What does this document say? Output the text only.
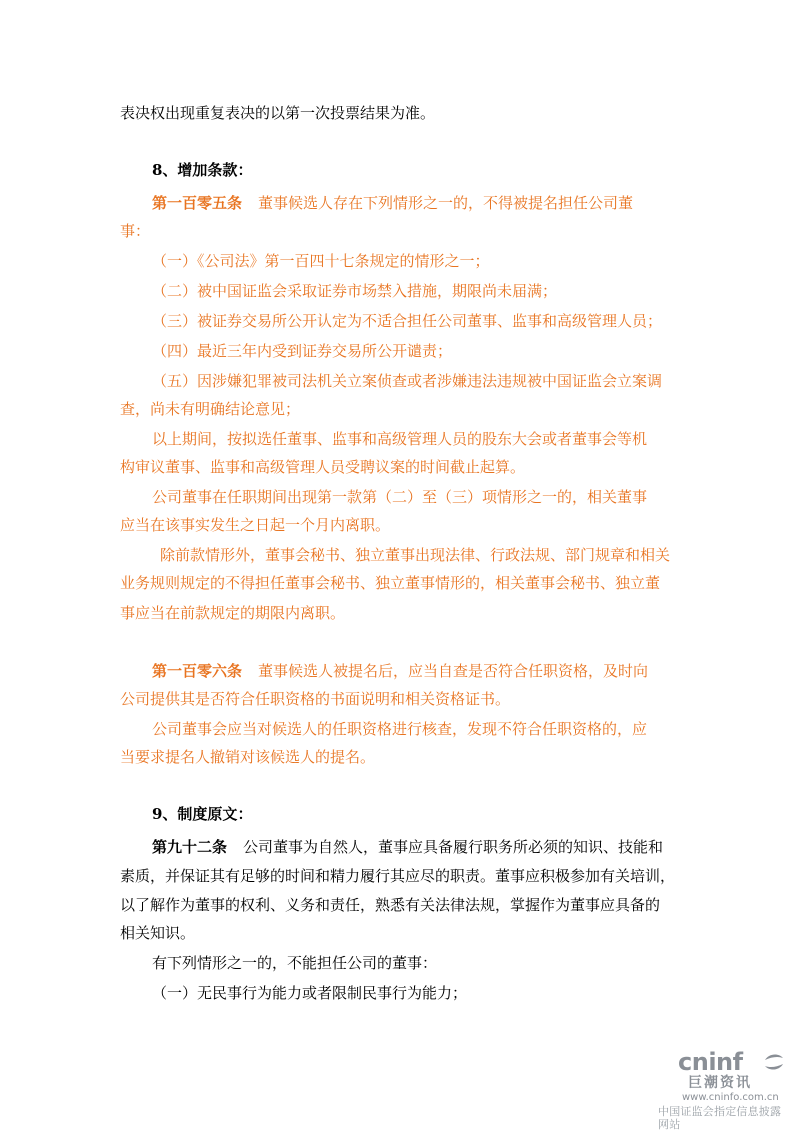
表决权出现重复表决的以第一次投票结果为准。
8、增加条款：
第一百零五条 董事候选人存在下列情形之一的，不得被提名担任公司董
事：
（一）《公司法》第一百四十七条规定的情形之一；
（二）被中国证监会采取证券市场禁入措施，期限尚未届满；
（三）被证券交易所公开认定为不适合担任公司董事、监事和高级管理人员；
（四）最近三年内受到证券交易所公开谴责；
（五）因涉嫌犯罪被司法机关立案侦查或者涉嫌违法违规被中国证监会立案调
查，尚未有明确结论意见；
以上期间，按拟选任董事、监事和高级管理人员的股东大会或者董事会等机
构审议董事、监事和高级管理人员受聘议案的时间截止起算。
公司董事在任职期间出现第一款第（二）至（三）项情形之一的，相关董事
应当在该事实发生之日起一个月内离职。
除前款情形外，董事会秘书、独立董事出现法律、行政法规、部门规章和相关
业务规则规定的不得担任董事会秘书、独立董事情形的，相关董事会秘书、独立董
事应当在前款规定的期限内离职。
第一百零六条 董事候选人被提名后，应当自查是否符合任职资格，及时向
公司提供其是否符合任职资格的书面说明和相关资格证书。
公司董事会应当对候选人的任职资格进行核查，发现不符合任职资格的，应
当要求提名人撤销对该候选人的提名。
9、制度原文：
第九十二条 公司董事为自然人，董事应具备履行职务所必须的知识、技能和
素质，并保证其有足够的时间和精力履行其应尽的职责。董事应积极参加有关培训，
以了解作为董事的权利、义务和责任，熟悉有关法律法规，掌握作为董事应具备的
相关知识。
有下列情形之一的，不能担任公司的董事：
（一）无民事行为能力或者限制民事行为能力；
cninf
巨潮资讯
www.cninfo.com.cn
中国证监会指定信息披露网站
